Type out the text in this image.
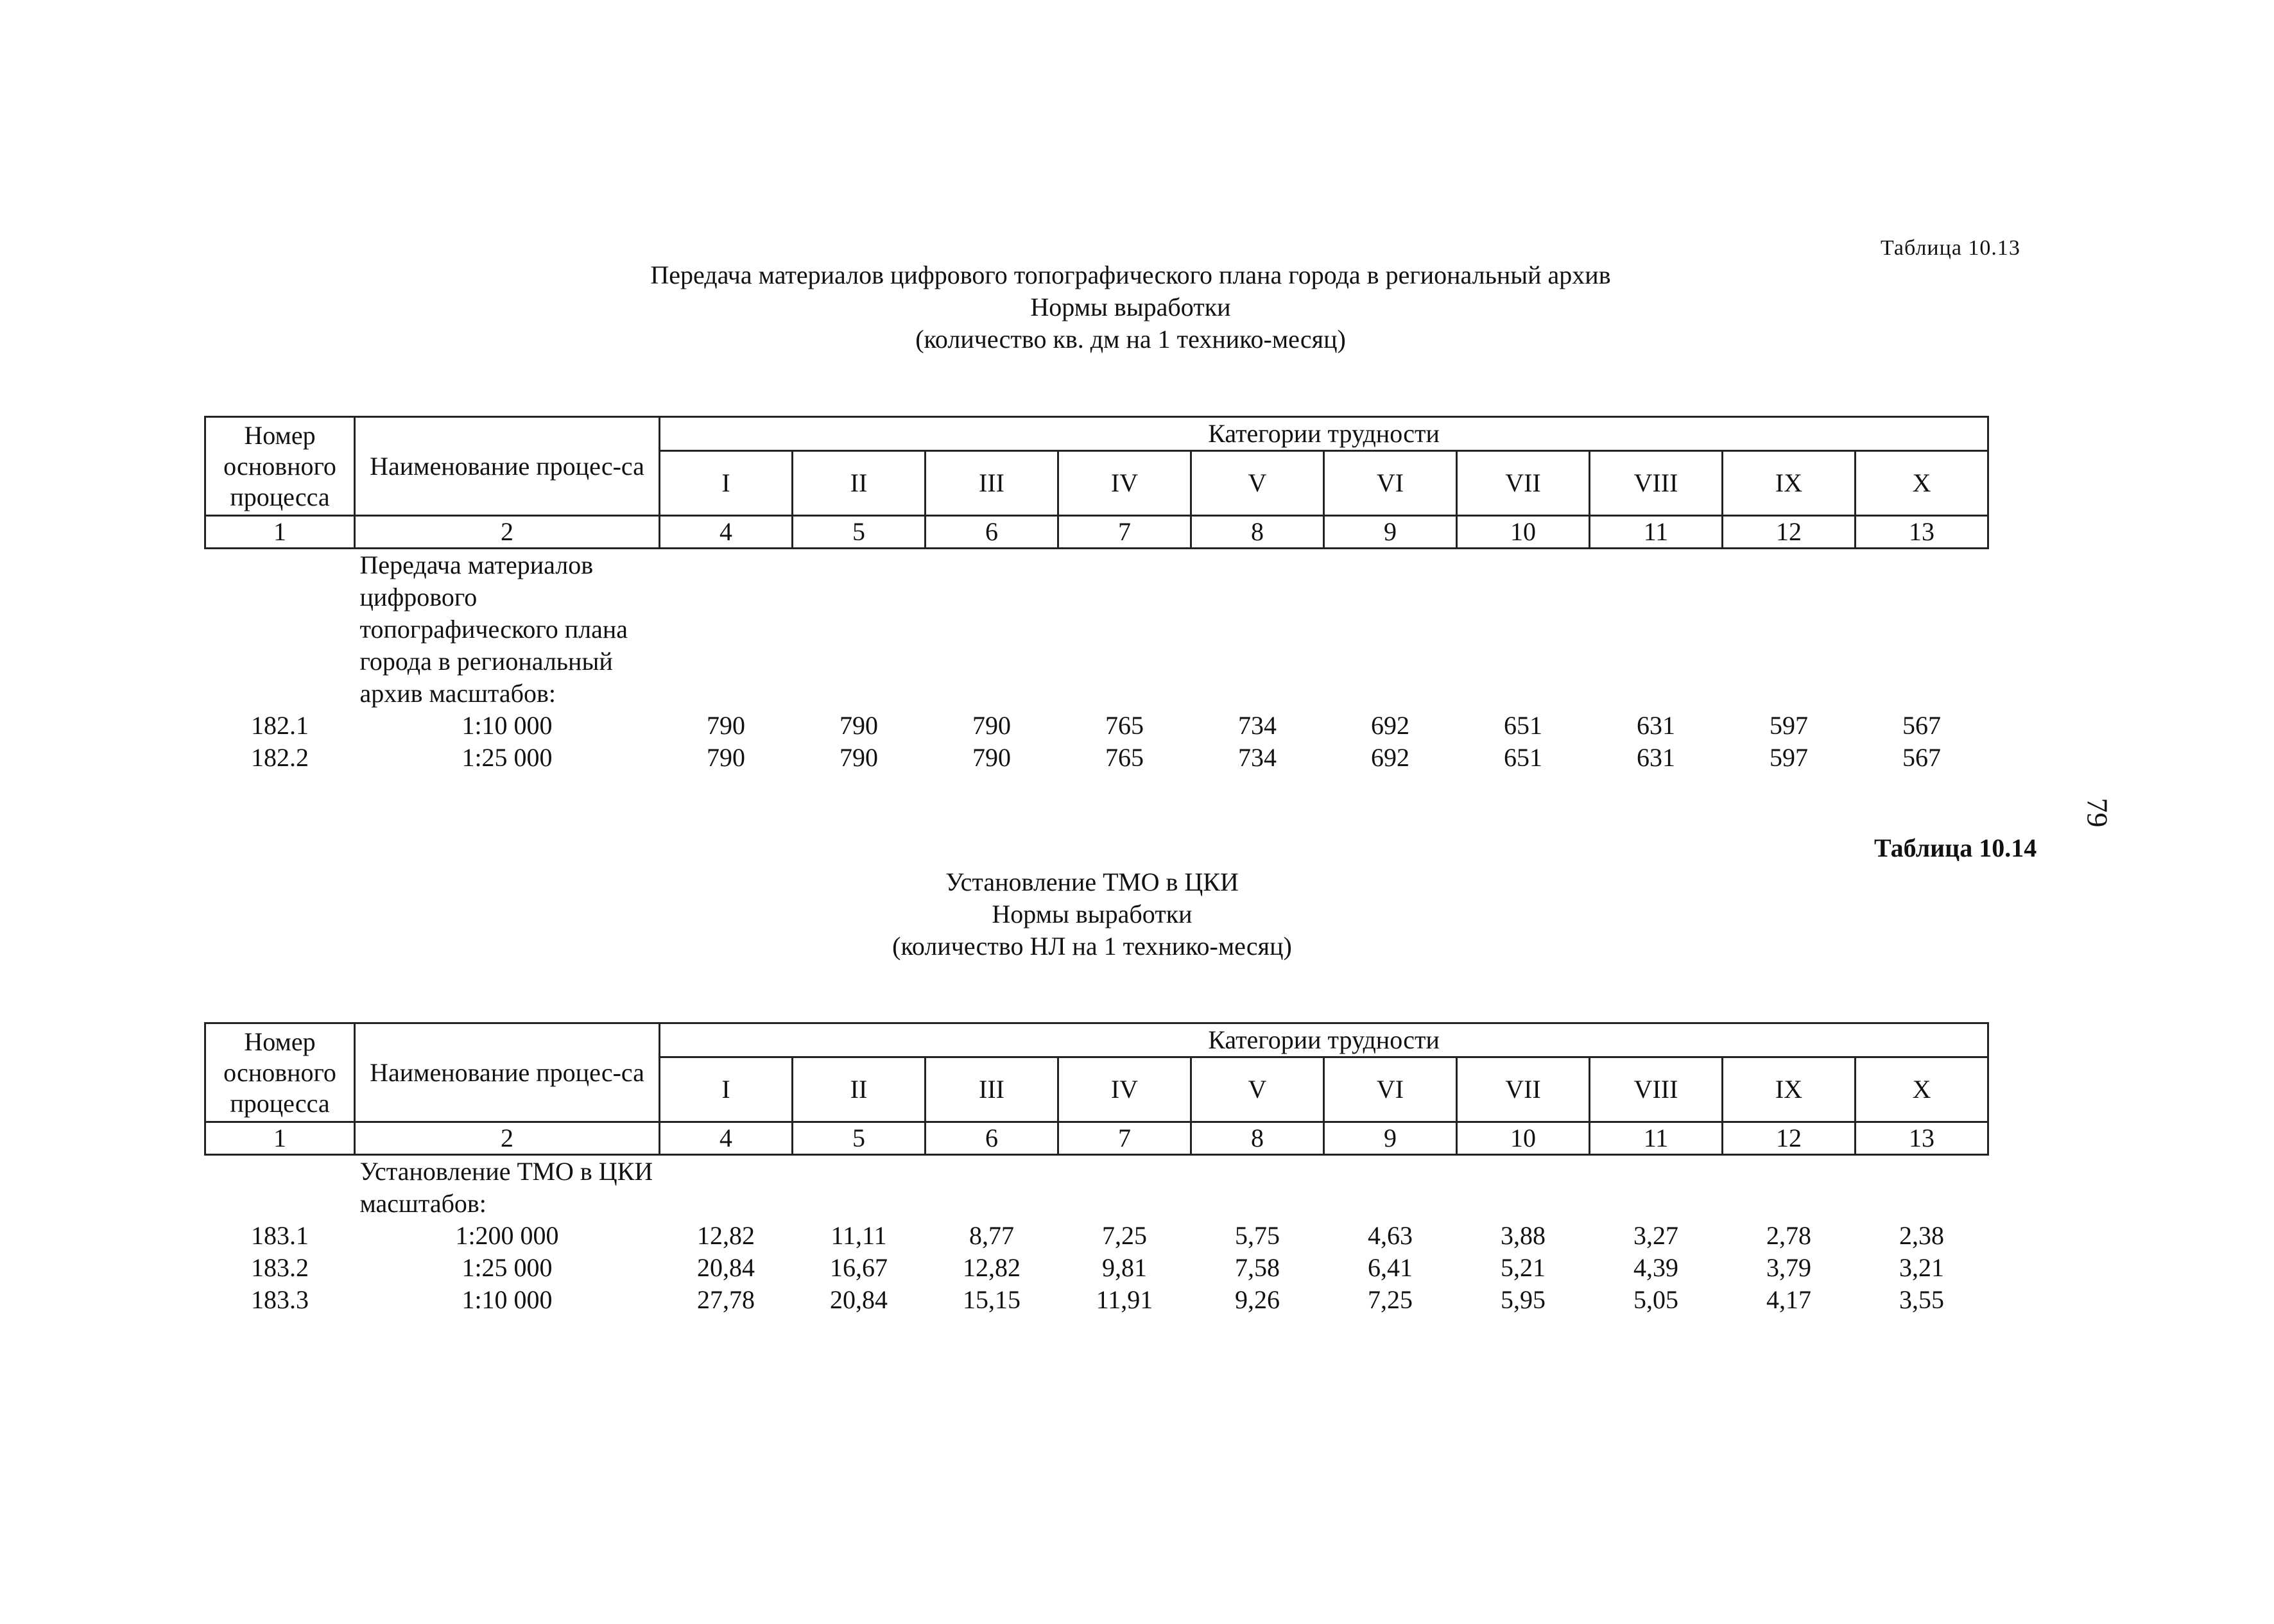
Таблица 10.13
Передача материалов цифрового топографического плана города в региональный архив
Нормы выработки
(количество кв. дм на 1 технико-месяц)
Номер основного процесса	Наименование процес-са	Категории трудности									
		I	II	III	IV	V	VI	VII	VIII	IX	X
1	2	4	5	6	7	8	9	10	11	12	13
	Передача материалов цифрового топографического плана города в региональный архив масштабов:										
182.1	1:10 000	790	790	790	765	734	692	651	631	597	567
182.2	1:25 000	790	790	790	765	734	692	651	631	597	567
79
Таблица 10.14
Установление ТМО в ЦКИ
Нормы выработки
(количество НЛ на 1 технико-месяц)
Номер основного процесса	Наименование процес-са	Категории трудности									
		I	II	III	IV	V	VI	VII	VIII	IX	X
1	2	4	5	6	7	8	9	10	11	12	13
	Установление ТМО в ЦКИ масштабов:										
183.1	1:200 000	12,82	11,11	8,77	7,25	5,75	4,63	3,88	3,27	2,78	2,38
183.2	1:25 000	20,84	16,67	12,82	9,81	7,58	6,41	5,21	4,39	3,79	3,21
183.3	1:10 000	27,78	20,84	15,15	11,91	9,26	7,25	5,95	5,05	4,17	3,55
